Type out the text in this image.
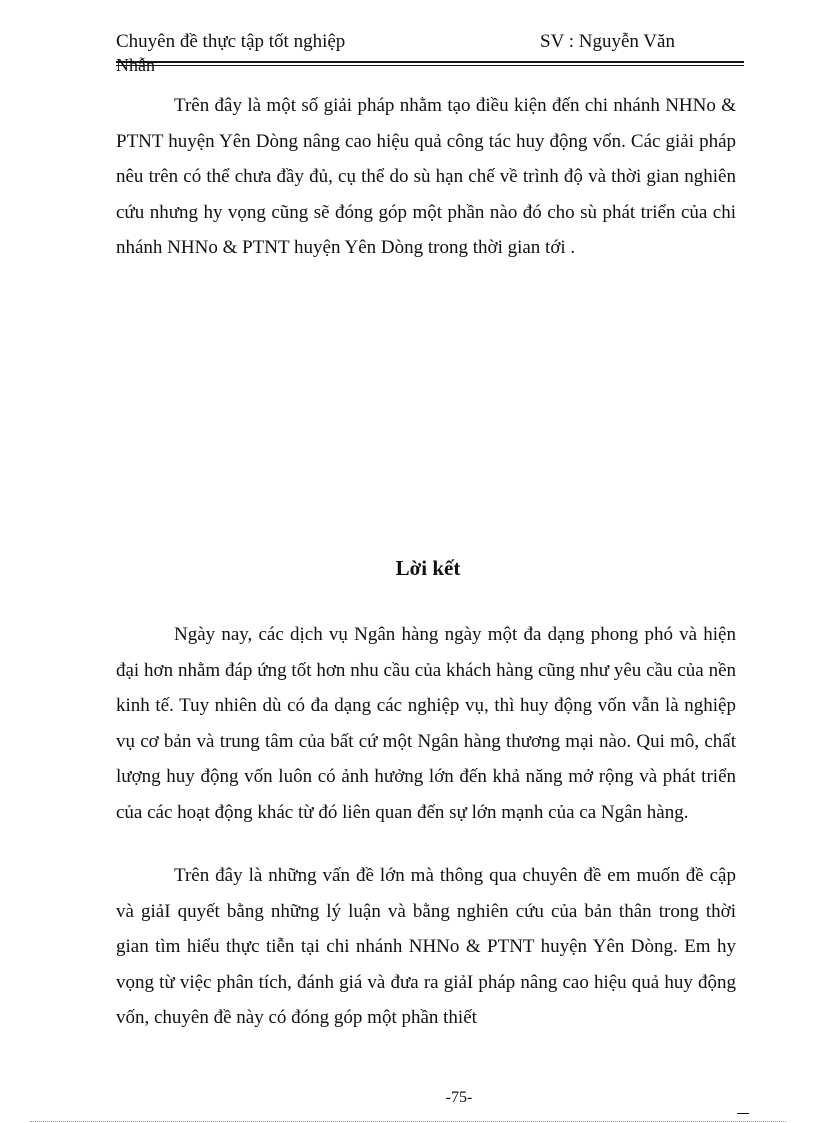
Chuyên đề thực tập tốt nghiệp	SV : Nguyễn Văn

Trên đây là một số giải pháp nhằm tạo điều kiện đến chi nhánh NHNo & PTNT huyện Yên Dòng nâng cao hiệu quả công tác huy động vốn. Các giải pháp nêu trên có thể chưa đầy đủ, cụ thể do sù hạn chế về trình độ và thời gian nghiên cứu nhưng hy vọng cũng sẽ đóng góp một phần nào đó cho sù phát triển của chi nhánh NHNo & PTNT huyện Yên Dòng trong thời gian tới .

Lời kết

Ngày nay, các dịch vụ Ngân hàng ngày một đa dạng phong phó và hiện đại hơn nhằm đáp ứng tốt hơn nhu cầu của khách hàng cũng như yêu cầu của nền kinh tế. Tuy nhiên dù có đa dạng các nghiệp vụ, thì huy động vốn vẫn là nghiệp vụ cơ bản và trung tâm của bất cứ một Ngân hàng thương mại nào. Qui mô, chất lượng huy động vốn luôn có ảnh hưởng lớn đến khả năng mở rộng và phát triển của các hoạt động khác từ đó liên quan đến sự lớn mạnh của ca Ngân hàng.

Trên đây là những vấn đề lớn mà thông qua chuyên đề em muốn đề cập và giảI quyết bằng những lý luận và bằng nghiên cứu của bản thân trong thời gian tìm hiểu thực tiễn tại chi nhánh NHNo & PTNT huyện Yên Dòng. Em hy vọng từ việc phân tích, đánh giá và đưa ra giảI pháp nâng cao hiệu quả huy động vốn, chuyên đề này có đóng góp một phần thiết

-75-
